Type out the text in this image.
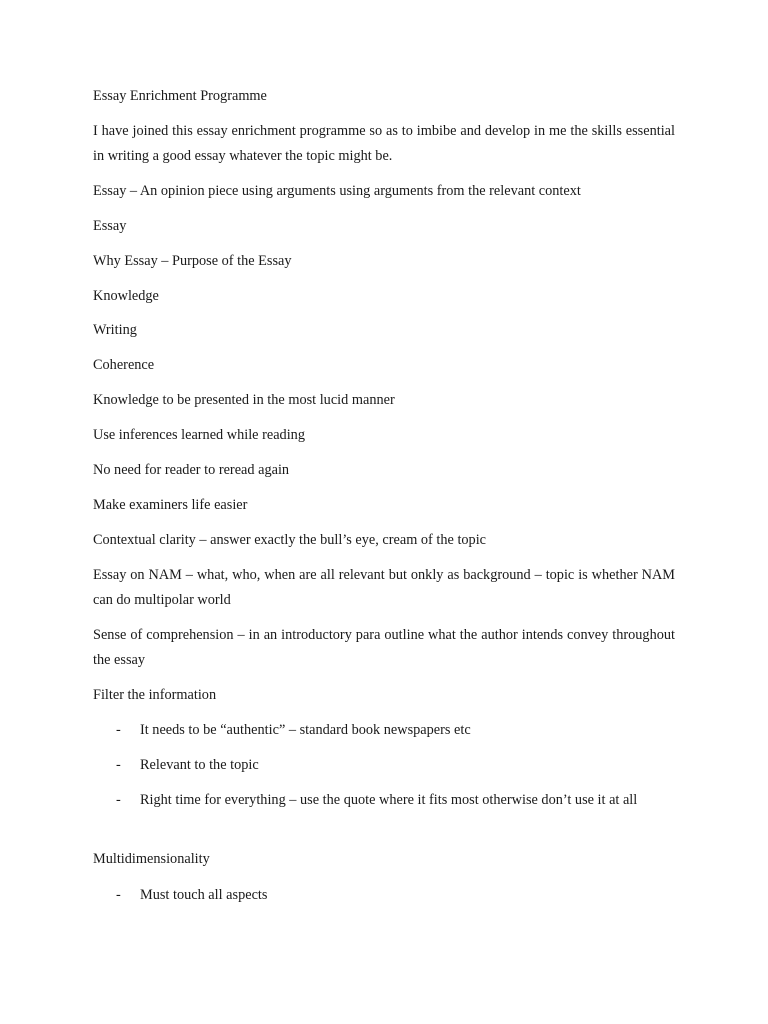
Essay Enrichment Programme

I have joined this essay enrichment programme so as to imbibe and develop in me the skills essential in writing a good essay whatever the topic might be.

Essay – An opinion piece using arguments using arguments from the relevant context

Essay

Why Essay – Purpose of the Essay

Knowledge

Writing

Coherence

Knowledge to be presented in the most lucid manner

Use inferences learned while reading

No need for reader to reread again

Make examiners life easier

Contextual clarity – answer exactly the bull’s eye, cream of the topic

Essay on NAM – what, who, when are all relevant but onkly as background – topic is whether NAM can do multipolar world

Sense of comprehension – in an introductory para outline what the author intends convey throughout the essay

Filter the information

- It needs to be “authentic” – standard book newspapers etc

- Relevant to the topic

- Right time for everything – use the quote where it fits most otherwise don’t use it at all

Multidimensionality

- Must touch all aspects
